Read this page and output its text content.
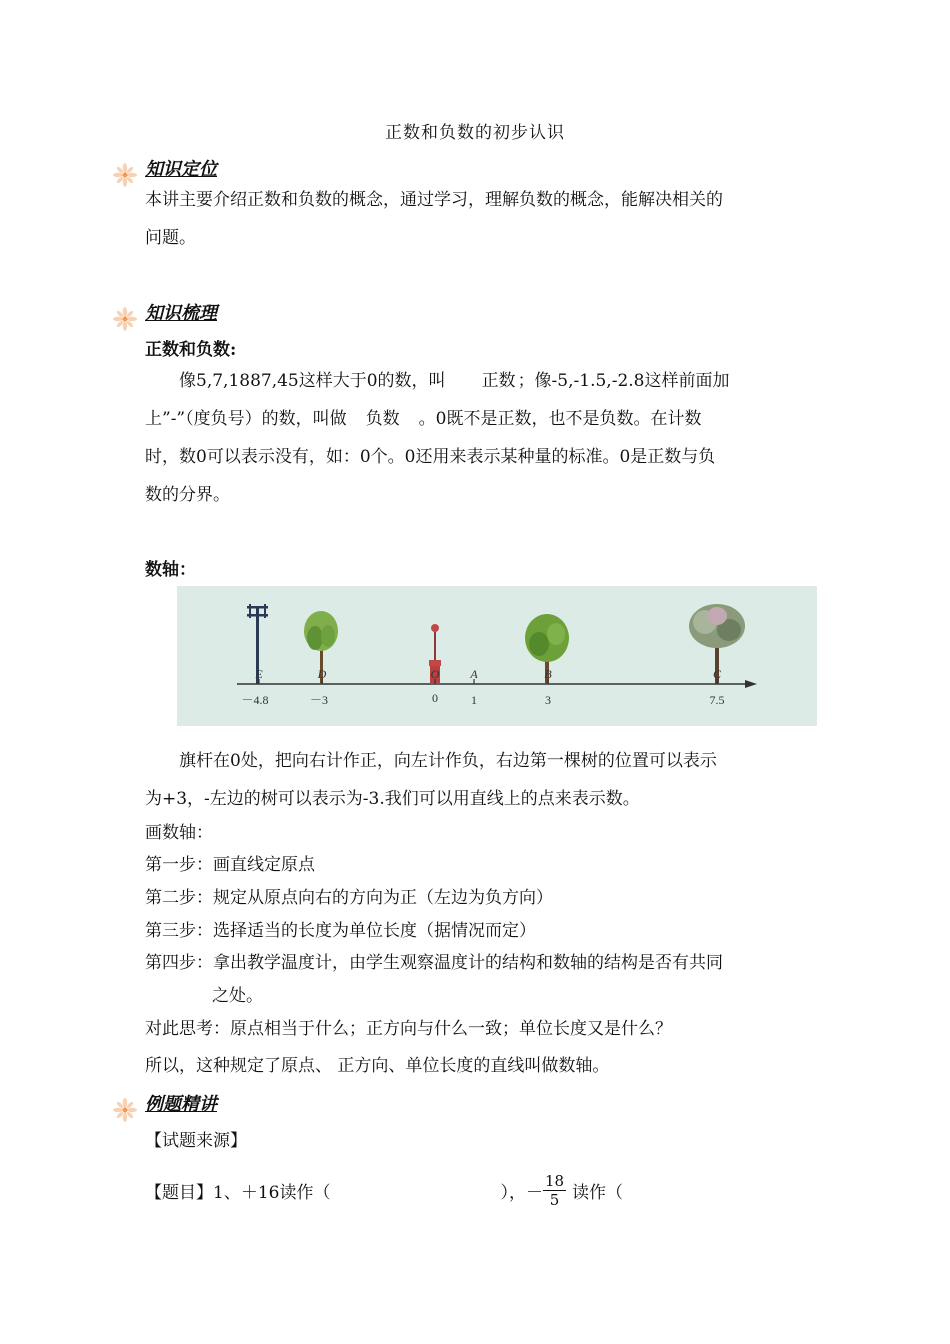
正数和负数的初步认识
知识定位
本讲主要介绍正数和负数的概念，通过学习，理解负数的概念，能解决相关的
问题。
知识梳理
正数和负数:
像5,7,1887,45这样大于0的数，叫 正数 ；像-5,-1.5,-2.8这样前面加
上”-”（度负号）的数，叫做 负数 。0既不是正数，也不是负数。在计数
时，数0可以表示没有，如：0个。0还用来表示某种量的标准。0是正数与负
数的分界。
数轴：
E	D	O	A	B	C
－4.8	－3	0	1	3	7.5
旗杆在0处，把向右计作正，向左计作负，右边第一棵树的位置可以表示
为+3，-左边的树可以表示为-3.我们可以用直线上的点来表示数。
画数轴：
第一步：画直线定原点
第二步：规定从原点向右的方向为正（左边为负方向）
第三步：选择适当的长度为单位长度（据情况而定）
第四步：拿出教学温度计，由学生观察温度计的结构和数轴的结构是否有共同
之处。
对此思考：原点相当于什么；正方向与什么一致；单位长度又是什么？
所以，这种规定了原点、 正方向、单位长度的直线叫做数轴。
例题精讲
【试题来源】
【题目】1、＋16读作（	），－ $\frac{18}{5}$ 读作（
